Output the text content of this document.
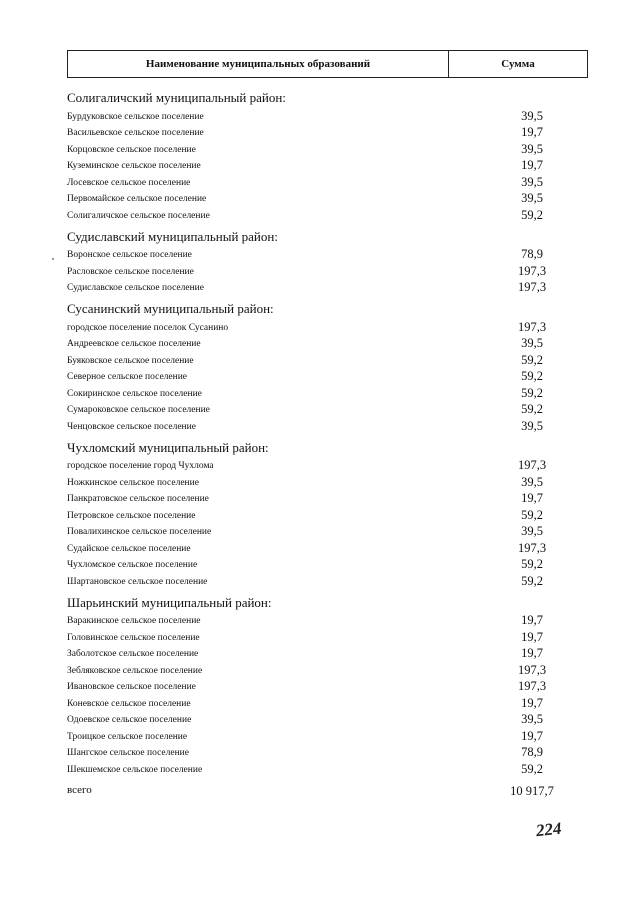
Наименование муниципальных образований	Сумма
Солигаличский муниципальный район:
Бурдуковское сельское поселение	39,5
Васильевское сельское поселение	19,7
Корцовское сельское поселение	39,5
Куземинское сельское поселение	19,7
Лосевское сельское поселение	39,5
Первомайское сельское поселение	39,5
Солигаличское сельское поселение	59,2
Судиславский муниципальный район:
Воронское сельское поселение	78,9
Расловское сельское поселение	197,3
Судиславское сельское поселение	197,3
Сусанинский муниципальный район:
городское поселение поселок Сусанино	197,3
Андреевское сельское поселение	39,5
Буяковское сельское поселение	59,2
Северное сельское поселение	59,2
Сокиринское сельское поселение	59,2
Сумароковское сельское поселение	59,2
Ченцовское сельское поселение	39,5
Чухломский муниципальный район:
городское поселение город Чухлома	197,3
Ножкинское сельское поселение	39,5
Панкратовское сельское поселение	19,7
Петровское сельское поселение	59,2
Повалихинское сельское поселение	39,5
Судайское сельское поселение	197,3
Чухломское сельское поселение	59,2
Шартановское сельское поселение	59,2
Шарьинский муниципальный район:
Варакинское сельское поселение	19,7
Головинское сельское поселение	19,7
Заболотское сельское поселение	19,7
Зебляковское сельское поселение	197,3
Ивановское сельское поселение	197,3
Коневское сельское поселение	19,7
Одоевское сельское поселение	39,5
Троицкое сельское поселение	19,7
Шангское сельское поселение	78,9
Шекшемское сельское поселение	59,2
всего	10 917,7
224
